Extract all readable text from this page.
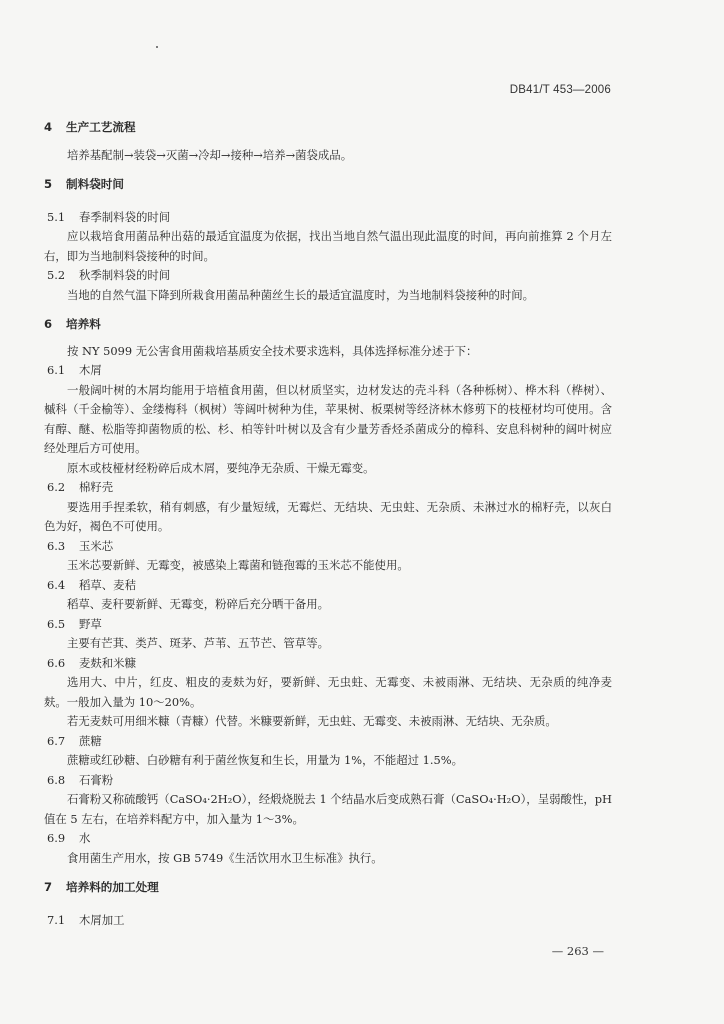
DB41/T 453—2006
4 生产工艺流程
培养基配制→装袋→灭菌→冷却→接种→培养→菌袋成品。
5 制料袋时间
5.1 春季制料袋的时间
应以栽培食用菌品种出菇的最适宜温度为依据，找出当地自然气温出现此温度的时间，再向前推算 2 个月左右，即为当地制料袋接种的时间。
5.2 秋季制料袋的时间
当地的自然气温下降到所栽食用菌品种菌丝生长的最适宜温度时，为当地制料袋接种的时间。
6 培养料
按 NY 5099 无公害食用菌栽培基质安全技术要求选料，具体选择标准分述于下：
6.1 木屑
一般阔叶树的木屑均能用于培植食用菌，但以材质坚实，边材发达的壳斗科（各种栎树）、桦木科（桦树）、槭科（千金榆等）、金缕梅科（枫树）等阔叶树种为佳，苹果树、板栗树等经济林木修剪下的枝桠材均可使用。含有醇、醚、松脂等抑菌物质的松、杉、柏等针叶树以及含有少量芳香烃杀菌成分的樟科、安息科树种的阔叶树应经处理后方可使用。
原木或枝桠材经粉碎后成木屑，要纯净无杂质、干燥无霉变。
6.2 棉籽壳
要选用手捏柔软，稍有刺感，有少量短绒，无霉烂、无结块、无虫蛀、无杂质、未淋过水的棉籽壳，以灰白色为好，褐色不可使用。
6.3 玉米芯
玉米芯要新鲜、无霉变，被感染上霉菌和链孢霉的玉米芯不能使用。
6.4 稻草、麦秸
稻草、麦秆要新鲜、无霉变，粉碎后充分晒干备用。
6.5 野草
主要有芒萁、类芦、斑茅、芦苇、五节芒、管草等。
6.6 麦麸和米糠
选用大、中片，红皮、粗皮的麦麸为好，要新鲜、无虫蛀、无霉变、未被雨淋、无结块、无杂质的纯净麦麸。一般加入量为 10～20%。
若无麦麸可用细米糠（青糠）代替。米糠要新鲜，无虫蛀、无霉变、未被雨淋、无结块、无杂质。
6.7 蔗糖
蔗糖或红砂糖、白砂糖有利于菌丝恢复和生长，用量为 1%，不能超过 1.5%。
6.8 石膏粉
石膏粉又称硫酸钙（CaSO₄·2H₂O），经煅烧脱去 1 个结晶水后变成熟石膏（CaSO₄·H₂O），呈弱酸性，pH 值在 5 左右，在培养料配方中，加入量为 1～3%。
6.9 水
食用菌生产用水，按 GB 5749《生活饮用水卫生标准》执行。
7 培养料的加工处理
7.1 木屑加工
— 263 —
